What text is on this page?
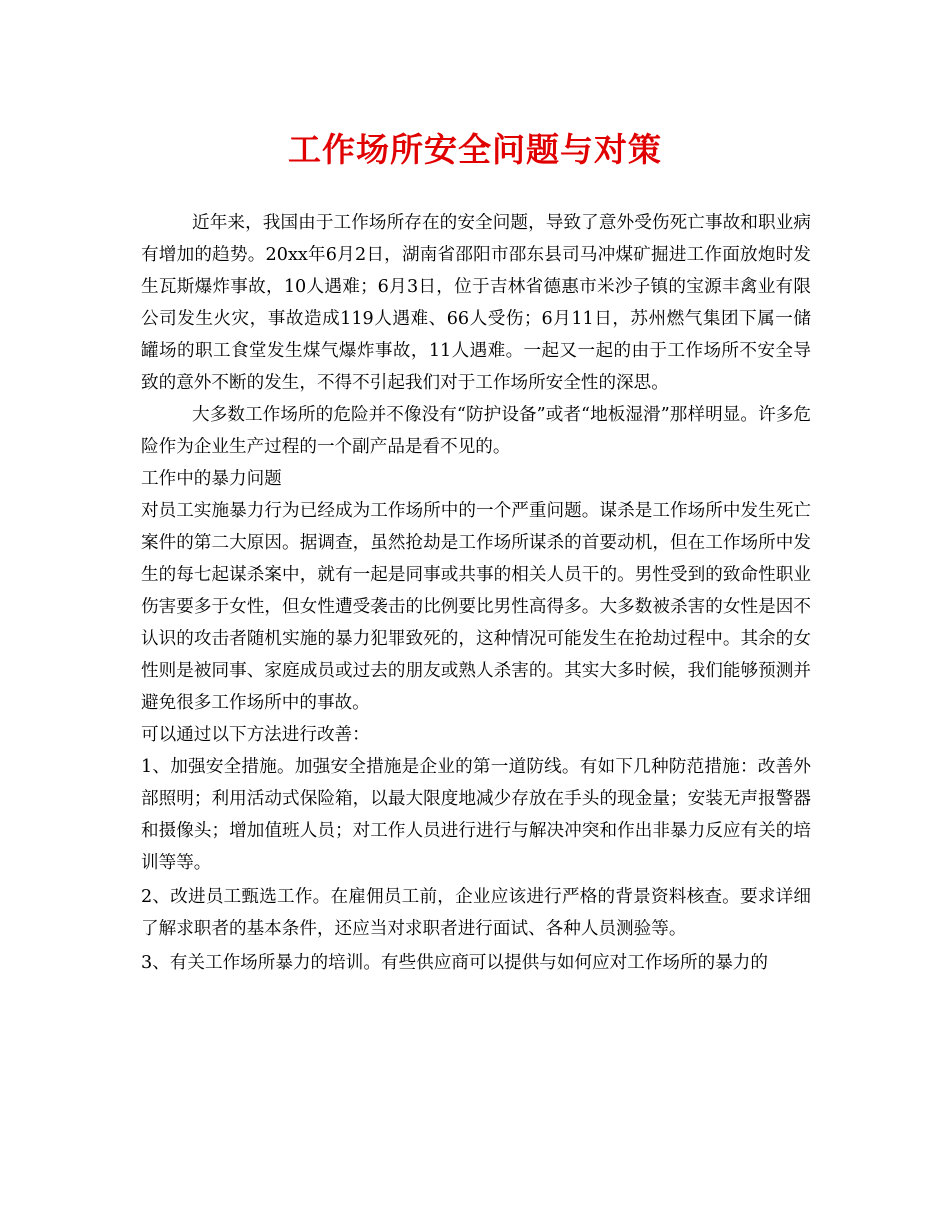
工作场所安全问题与对策

近年来，我国由于工作场所存在的安全问题，导致了意外受伤死亡事故和职业病有增加的趋势。20xx年6月2日，湖南省邵阳市邵东县司马冲煤矿掘进工作面放炮时发生瓦斯爆炸事故，10人遇难；6月3日，位于吉林省德惠市米沙子镇的宝源丰禽业有限公司发生火灾，事故造成119人遇难、66人受伤；6月11日，苏州燃气集团下属一储罐场的职工食堂发生煤气爆炸事故，11人遇难。一起又一起的由于工作场所不安全导致的意外不断的发生，不得不引起我们对于工作场所安全性的深思。

大多数工作场所的危险并不像没有“防护设备”或者“地板湿滑”那样明显。许多危险作为企业生产过程的一个副产品是看不见的。

工作中的暴力问题

对员工实施暴力行为已经成为工作场所中的一个严重问题。谋杀是工作场所中发生死亡案件的第二大原因。据调查，虽然抢劫是工作场所谋杀的首要动机，但在工作场所中发生的每七起谋杀案中，就有一起是同事或共事的相关人员干的。男性受到的致命性职业伤害要多于女性，但女性遭受袭击的比例要比男性高得多。大多数被杀害的女性是因不认识的攻击者随机实施的暴力犯罪致死的，这种情况可能发生在抢劫过程中。其余的女性则是被同事、家庭成员或过去的朋友或熟人杀害的。其实大多时候，我们能够预测并避免很多工作场所中的事故。

可以通过以下方法进行改善：

1、加强安全措施。加强安全措施是企业的第一道防线。有如下几种防范措施：改善外部照明；利用活动式保险箱，以最大限度地减少存放在手头的现金量；安装无声报警器和摄像头；增加值班人员；对工作人员进行进行与解决冲突和作出非暴力反应有关的培训等等。

2、改进员工甄选工作。在雇佣员工前，企业应该进行严格的背景资料核查。要求详细了解求职者的基本条件，还应当对求职者进行面试、各种人员测验等。

3、有关工作场所暴力的培训。有些供应商可以提供与如何应对工作场所的暴力的
